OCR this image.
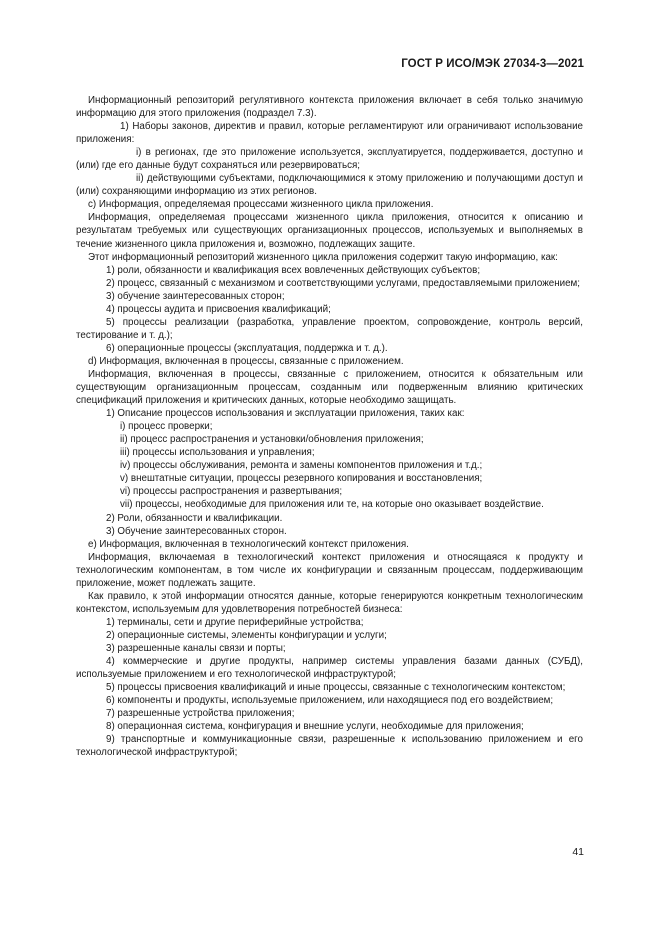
ГОСТ Р ИСО/МЭК 27034-3—2021

Информационный репозиторий регулятивного контекста приложения включает в себя только значимую информацию для этого приложения (подраздел 7.3).

1) Наборы законов, директив и правил, которые регламентируют или ограничивают использование приложения:

i) в регионах, где это приложение используется, эксплуатируется, поддерживается, доступно и (или) где его данные будут сохраняться или резервироваться;

ii) действующими субъектами, подключающимися к этому приложению и получающими доступ и (или) сохраняющими информацию из этих регионов.

c) Информация, определяемая процессами жизненного цикла приложения.

Информация, определяемая процессами жизненного цикла приложения, относится к описанию и результатам требуемых или существующих организационных процессов, используемых и выполняемых в течение жизненного цикла приложения и, возможно, подлежащих защите.

Этот информационный репозиторий жизненного цикла приложения содержит такую информацию, как:

1) роли, обязанности и квалификация всех вовлеченных действующих субъектов;

2) процесс, связанный с механизмом и соответствующими услугами, предоставляемыми приложением;

3) обучение заинтересованных сторон;

4) процессы аудита и присвоения квалификаций;

5) процессы реализации (разработка, управление проектом, сопровождение, контроль версий, тестирование и т. д.);

6) операционные процессы (эксплуатация, поддержка и т. д.).

d) Информация, включенная в процессы, связанные с приложением.

Информация, включенная в процессы, связанные с приложением, относится к обязательным или существующим организационным процессам, созданным или подверженным влиянию критических спецификаций приложения и критических данных, которые необходимо защищать.

1) Описание процессов использования и эксплуатации приложения, таких как:

i) процесс проверки;

ii) процесс распространения и установки/обновления приложения;

iii) процессы использования и управления;

iv) процессы обслуживания, ремонта и замены компонентов приложения и т.д.;

v) внештатные ситуации, процессы резервного копирования и восстановления;

vi) процессы распространения и развертывания;

vii) процессы, необходимые для приложения или те, на которые оно оказывает воздействие.

2) Роли, обязанности и квалификации.

3) Обучение заинтересованных сторон.

e) Информация, включенная в технологический контекст приложения.

Информация, включаемая в технологический контекст приложения и относящаяся к продукту и технологическим компонентам, в том числе их конфигурации и связанным процессам, поддерживающим приложение, может подлежать защите.

Как правило, к этой информации относятся данные, которые генерируются конкретным технологическим контекстом, используемым для удовлетворения потребностей бизнеса:

1) терминалы, сети и другие периферийные устройства;

2) операционные системы, элементы конфигурации и услуги;

3) разрешенные каналы связи и порты;

4) коммерческие и другие продукты, например системы управления базами данных (СУБД), используемые приложением и его технологической инфраструктурой;

5) процессы присвоения квалификаций и иные процессы, связанные с технологическим контекстом;

6) компоненты и продукты, используемые приложением, или находящиеся под его воздействием;

7) разрешенные устройства приложения;

8) операционная система, конфигурация и внешние услуги, необходимые для приложения;

9) транспортные и коммуникационные связи, разрешенные к использованию приложением и его технологической инфраструктурой;

41
